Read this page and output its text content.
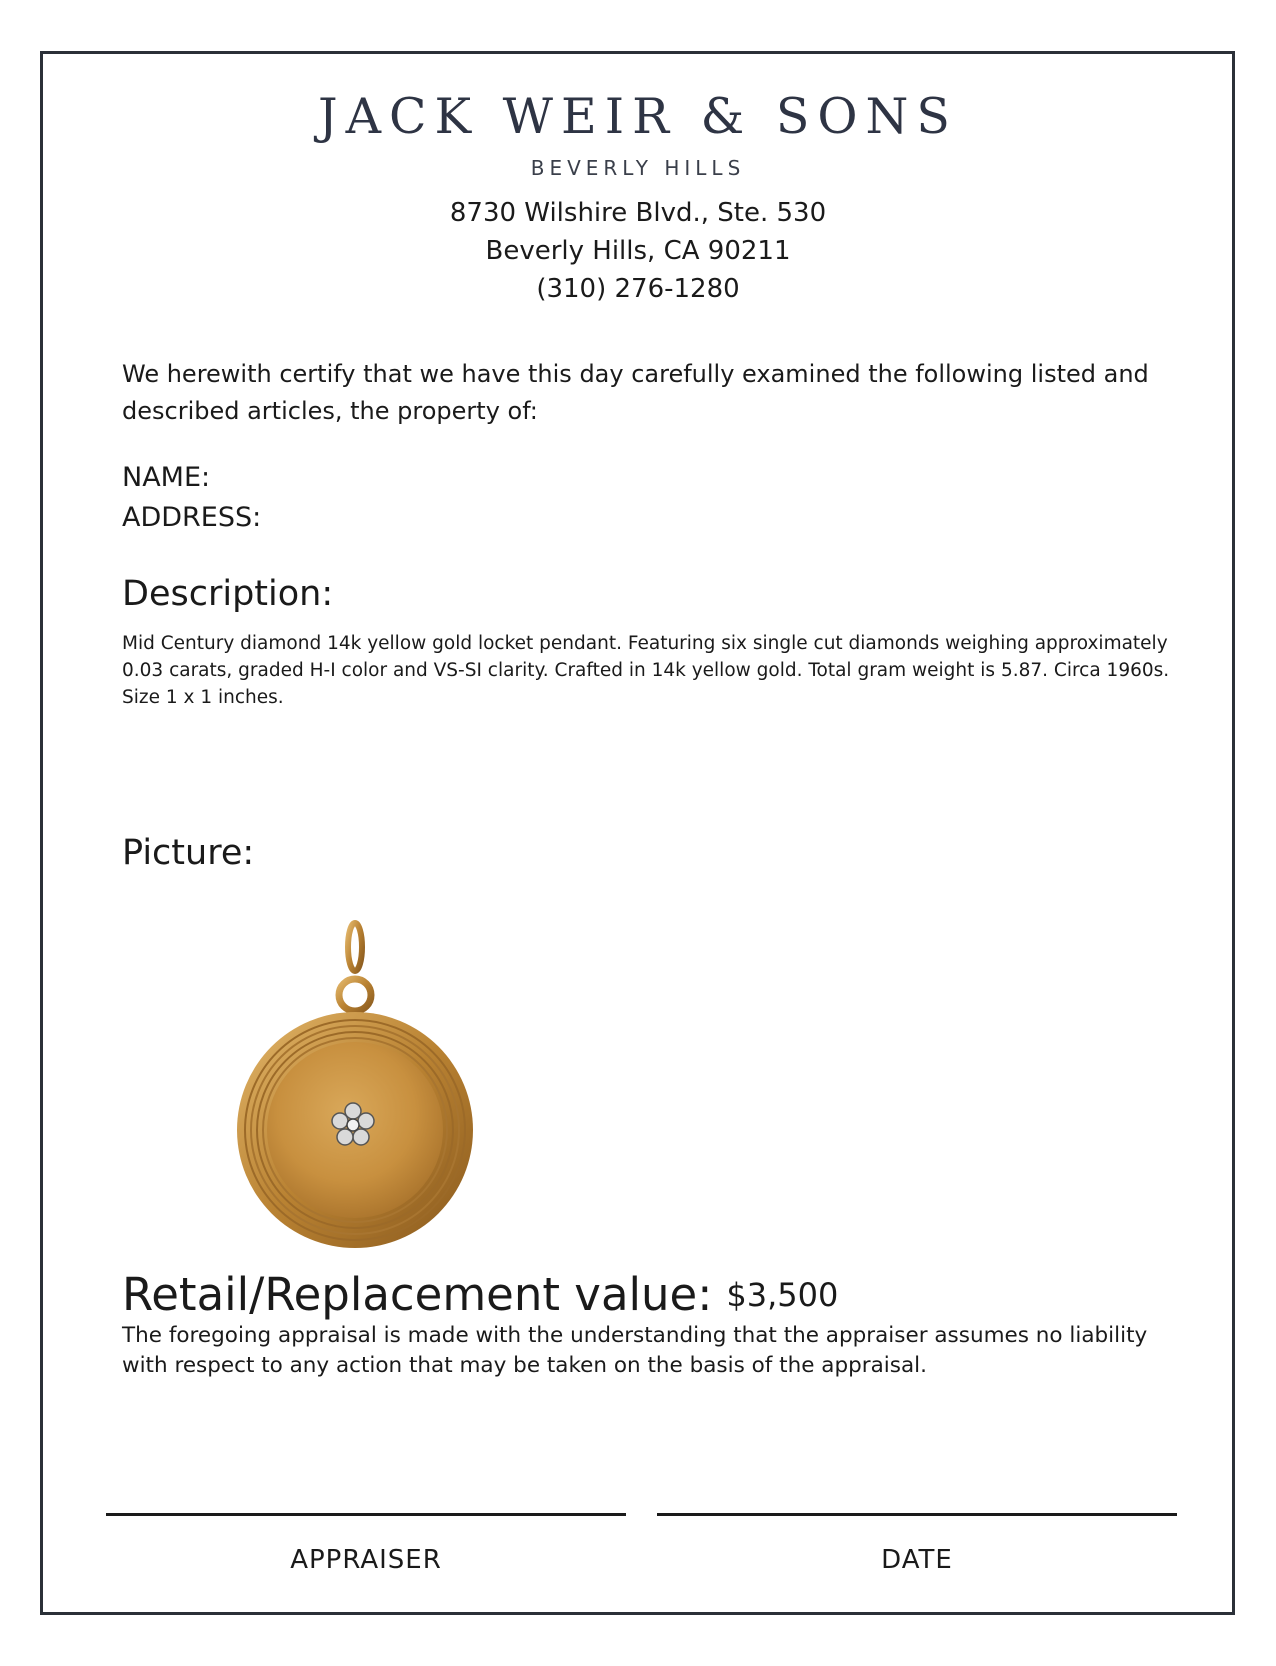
JACK WEIR & SONS
BEVERLY HILLS
8730 Wilshire Blvd., Ste. 530
Beverly Hills, CA 90211
(310) 276-1280
We herewith certify that we have this day carefully examined the following listed and described articles, the property of:
NAME:
ADDRESS:
Description:
Mid Century diamond 14k yellow gold locket pendant. Featuring six single cut diamonds weighing approximately 0.03 carats, graded H-I color and VS-SI clarity. Crafted in 14k yellow gold. Total gram weight is 5.87. Circa 1960s. Size 1 x 1 inches.
Picture:
Retail/Replacement value: $3,500
The foregoing appraisal is made with the understanding that the appraiser assumes no liability with respect to any action that may be taken on the basis of the appraisal.
APPRAISER	DATE
